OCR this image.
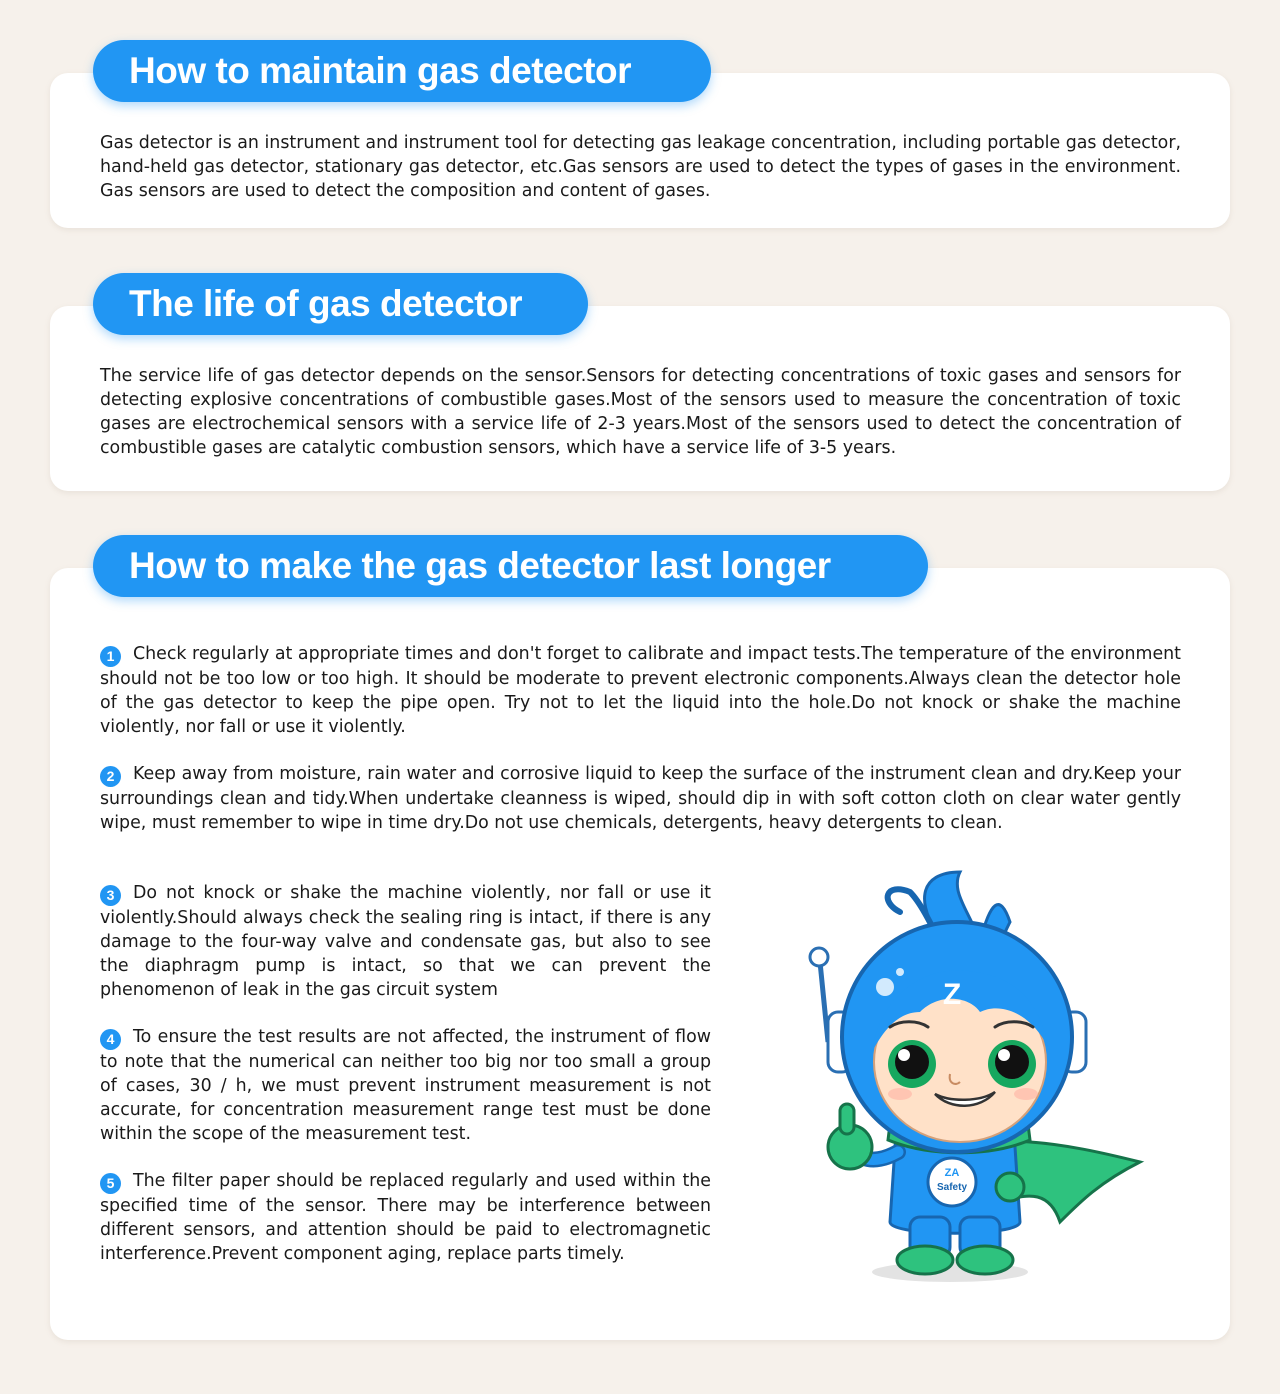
How to maintain gas detector

Gas detector is an instrument and instrument tool for detecting gas leakage concentration, including portable gas detector, hand-held gas detector, stationary gas detector, etc.Gas sensors are used to detect the types of gases in the environment. Gas sensors are used to detect the composition and content of gases.

The life of gas detector

The service life of gas detector depends on the sensor.Sensors for detecting concentrations of toxic gases and sensors for detecting explosive concentrations of combustible gases.Most of the sensors used to measure the concentration of toxic gases are electrochemical sensors with a service life of 2-3 years.Most of the sensors used to detect the concentration of combustible gases are catalytic combustion sensors, which have a service life of 3-5 years.

How to make the gas detector last longer

1 Check regularly at appropriate times and don't forget to calibrate and impact tests.The temperature of the environment should not be too low or too high. It should be moderate to prevent electronic components.Always clean the detector hole of the gas detector to keep the pipe open. Try not to let the liquid into the hole.Do not knock or shake the machine violently, nor fall or use it violently.

2 Keep away from moisture, rain water and corrosive liquid to keep the surface of the instrument clean and dry.Keep your surroundings clean and tidy.When undertake cleanness is wiped, should dip in with soft cotton cloth on clear water gently wipe, must remember to wipe in time dry.Do not use chemicals, detergents, heavy detergents to clean.

3 Do not knock or shake the machine violently, nor fall or use it violently.Should always check the sealing ring is intact, if there is any damage to the four-way valve and condensate gas, but also to see the diaphragm pump is intact, so that we can prevent the phenomenon of leak in the gas circuit system

4 To ensure the test results are not affected, the instrument of flow to note that the numerical can neither too big nor too small a group of cases, 30 / h, we must prevent instrument measurement is not accurate, for concentration measurement range test must be done within the scope of the measurement test.

5 The filter paper should be replaced regularly and used within the specified time of the sensor. There may be interference between different sensors, and attention should be paid to electromagnetic interference.Prevent component aging, replace parts timely.

ZA
Safety
Z
